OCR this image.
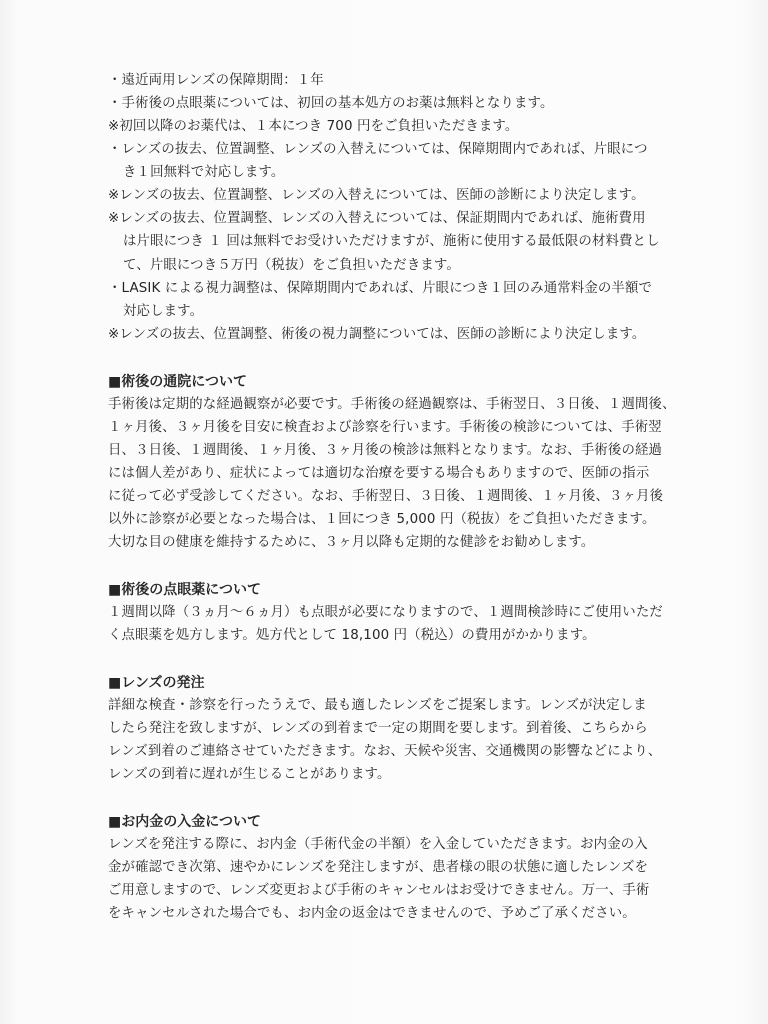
・遠近両用レンズの保障期間：１年
・手術後の点眼薬については、初回の基本処方のお薬は無料となります。
※初回以降のお薬代は、１本につき 700 円をご負担いただきます。
・レンズの抜去、位置調整、レンズの入替えについては、保障期間内であれば、片眼につ
き１回無料で対応します。
※レンズの抜去、位置調整、レンズの入替えについては、医師の診断により決定します。
※レンズの抜去、位置調整、レンズの入替えについては、保証期間内であれば、施術費用
は片眼につき １ 回は無料でお受けいただけますが、施術に使用する最低限の材料費とし
て、片眼につき５万円（税抜）をご負担いただきます。
・LASIK による視力調整は、保障期間内であれば、片眼につき１回のみ通常料金の半額で
対応します。
※レンズの抜去、位置調整、術後の視力調整については、医師の診断により決定します。
■術後の通院について
手術後は定期的な経過観察が必要です。手術後の経過観察は、手術翌日、３日後、１週間後、
１ヶ月後、３ヶ月後を目安に検査および診察を行います。手術後の検診については、手術翌
日、３日後、１週間後、１ヶ月後、３ヶ月後の検診は無料となります。なお、手術後の経過
には個人差があり、症状によっては適切な治療を要する場合もありますので、医師の指示
に従って必ず受診してください。なお、手術翌日、３日後、１週間後、１ヶ月後、３ヶ月後
以外に診察が必要となった場合は、１回につき 5,000 円（税抜）をご負担いただきます。
大切な目の健康を維持するために、３ヶ月以降も定期的な健診をお勧めします。
■術後の点眼薬について
１週間以降（３ヵ月〜６ヵ月）も点眼が必要になりますので、１週間検診時にご使用いただ
く点眼薬を処方します。処方代として 18,100 円（税込）の費用がかかります。
■レンズの発注
詳細な検査・診察を行ったうえで、最も適したレンズをご提案します。レンズが決定しま
したら発注を致しますが、レンズの到着まで一定の期間を要します。到着後、こちらから
レンズ到着のご連絡させていただきます。なお、天候や災害、交通機関の影響などにより、
レンズの到着に遅れが生じることがあります。
■お内金の入金について
レンズを発注する際に、お内金（手術代金の半額）を入金していただきます。お内金の入
金が確認でき次第、速やかにレンズを発注しますが、患者様の眼の状態に適したレンズを
ご用意しますので、レンズ変更および手術のキャンセルはお受けできません。万一、手術
をキャンセルされた場合でも、お内金の返金はできませんので、予めご了承ください。
